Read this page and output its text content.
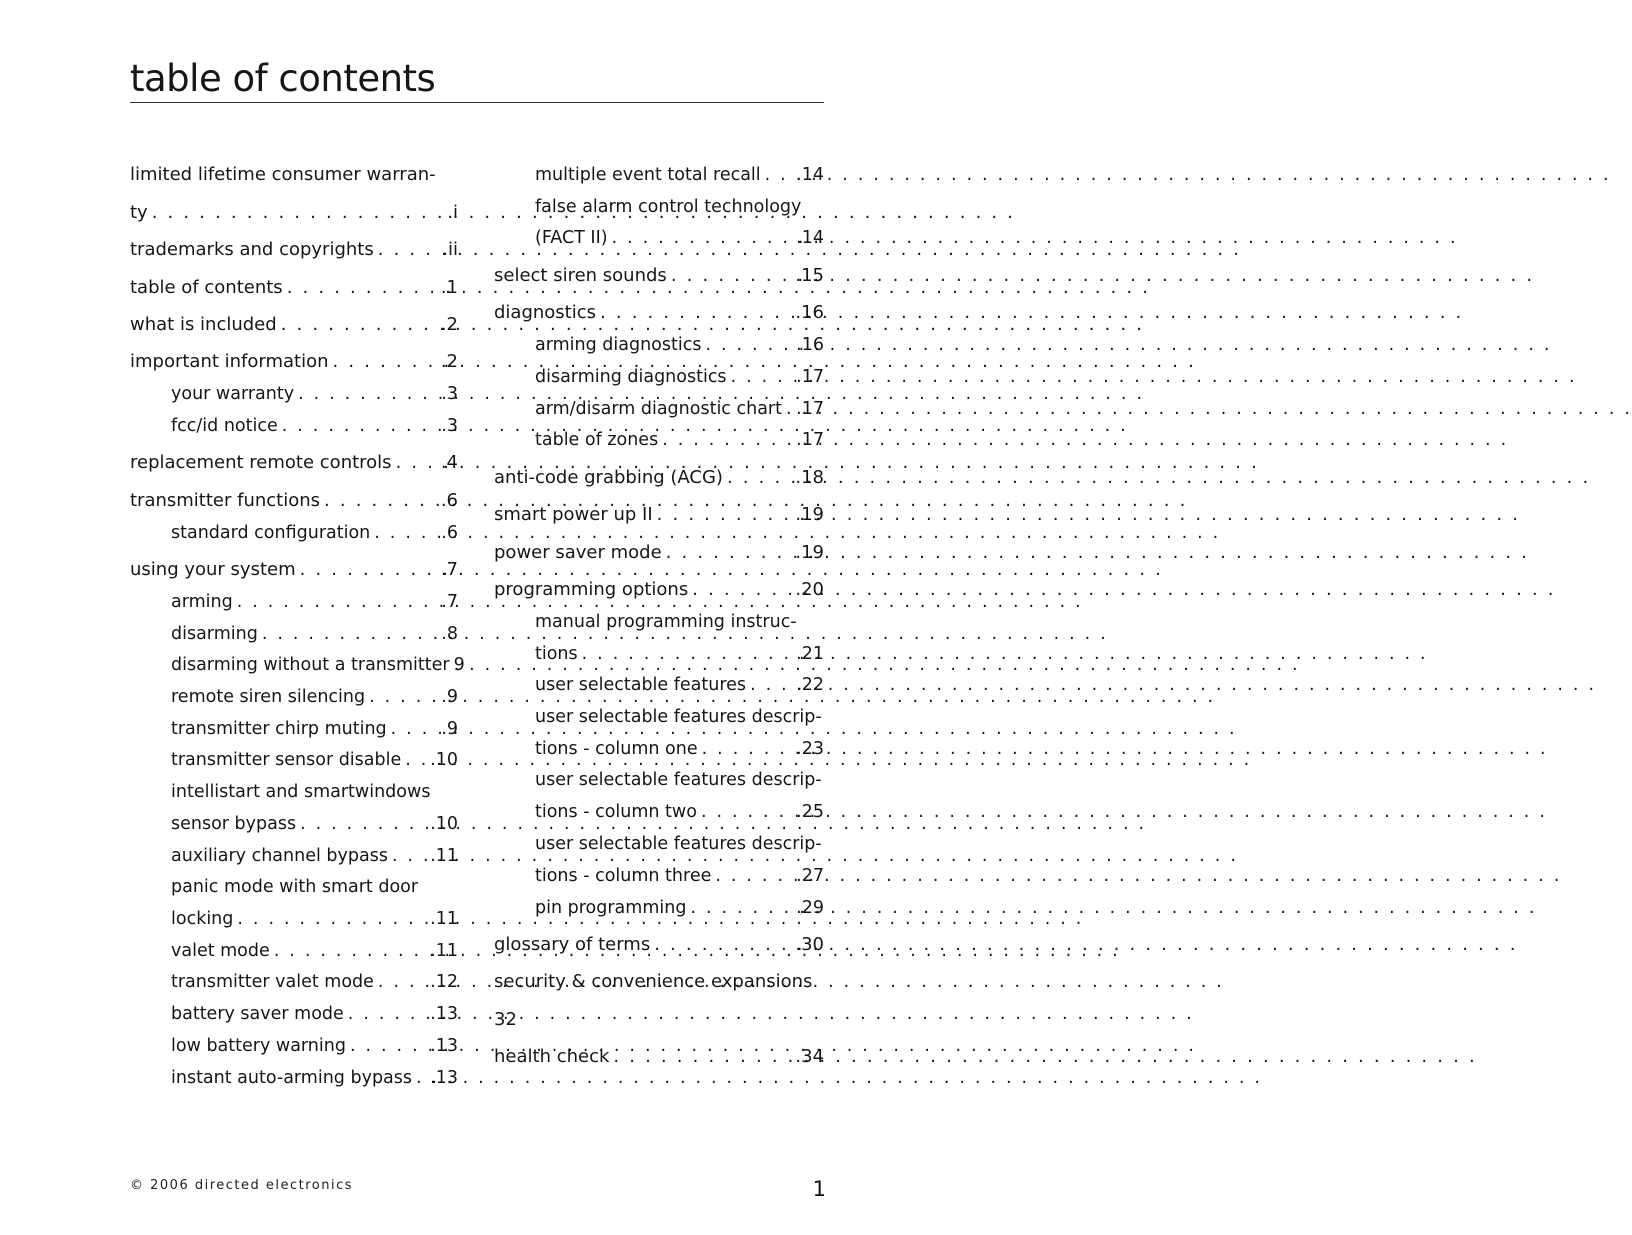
table of contents
limited lifetime consumer warran-
ty . . .	.i
trademarks and copyrights . . .	.ii
table of contents . . .	.1
what is included . . .	.2
important information . . .	.2
your warranty . . .	.3
fcc/id notice . . .	.3
replacement remote controls . . .	.4
transmitter functions . . .	.6
standard configuration . . .	.6
using your system . . .	.7
arming . . .	.7
disarming . . .	.8
disarming without a transmitter . . . 9
remote siren silencing . . .	.9
transmitter chirp muting . . .	.9
transmitter sensor disable . . . .10
intellistart and smartwindows
sensor bypass . . .	.10
auxiliary channel bypass . . . .11
panic mode with smart door
locking . . .	.11
valet mode . . .	.11
transmitter valet mode . . .	.12
battery saver mode . . .	.13
low battery warning . . .	.13
instant auto-arming bypass . . . .13
multiple event total recall . . . .14
false alarm control technology
(FACT II) . . .	.14
select siren sounds . . .	.15
diagnostics . . .	.16
arming diagnostics . . .	.16
disarming diagnostics . . .	.17
arm/disarm diagnostic chart . . . .17
table of zones . . .	.17
anti-code grabbing (ACG) . . .	.18
smart power up II . . .	.19
power saver mode . . .	.19
programming options . . .	.20
manual programming instruc-
tions . . .	.21
user selectable features . . .	.22
user selectable features descrip-
tions - column one . . .	.23
user selectable features descrip-
tions - column two . . .	.25
user selectable features descrip-
tions - column three . . .	.27
pin programming . . .	.29
glossary of terms . . .	.30
security & convenience expansions
32
health check . . .	.34
© 2006 directed electronics	1
